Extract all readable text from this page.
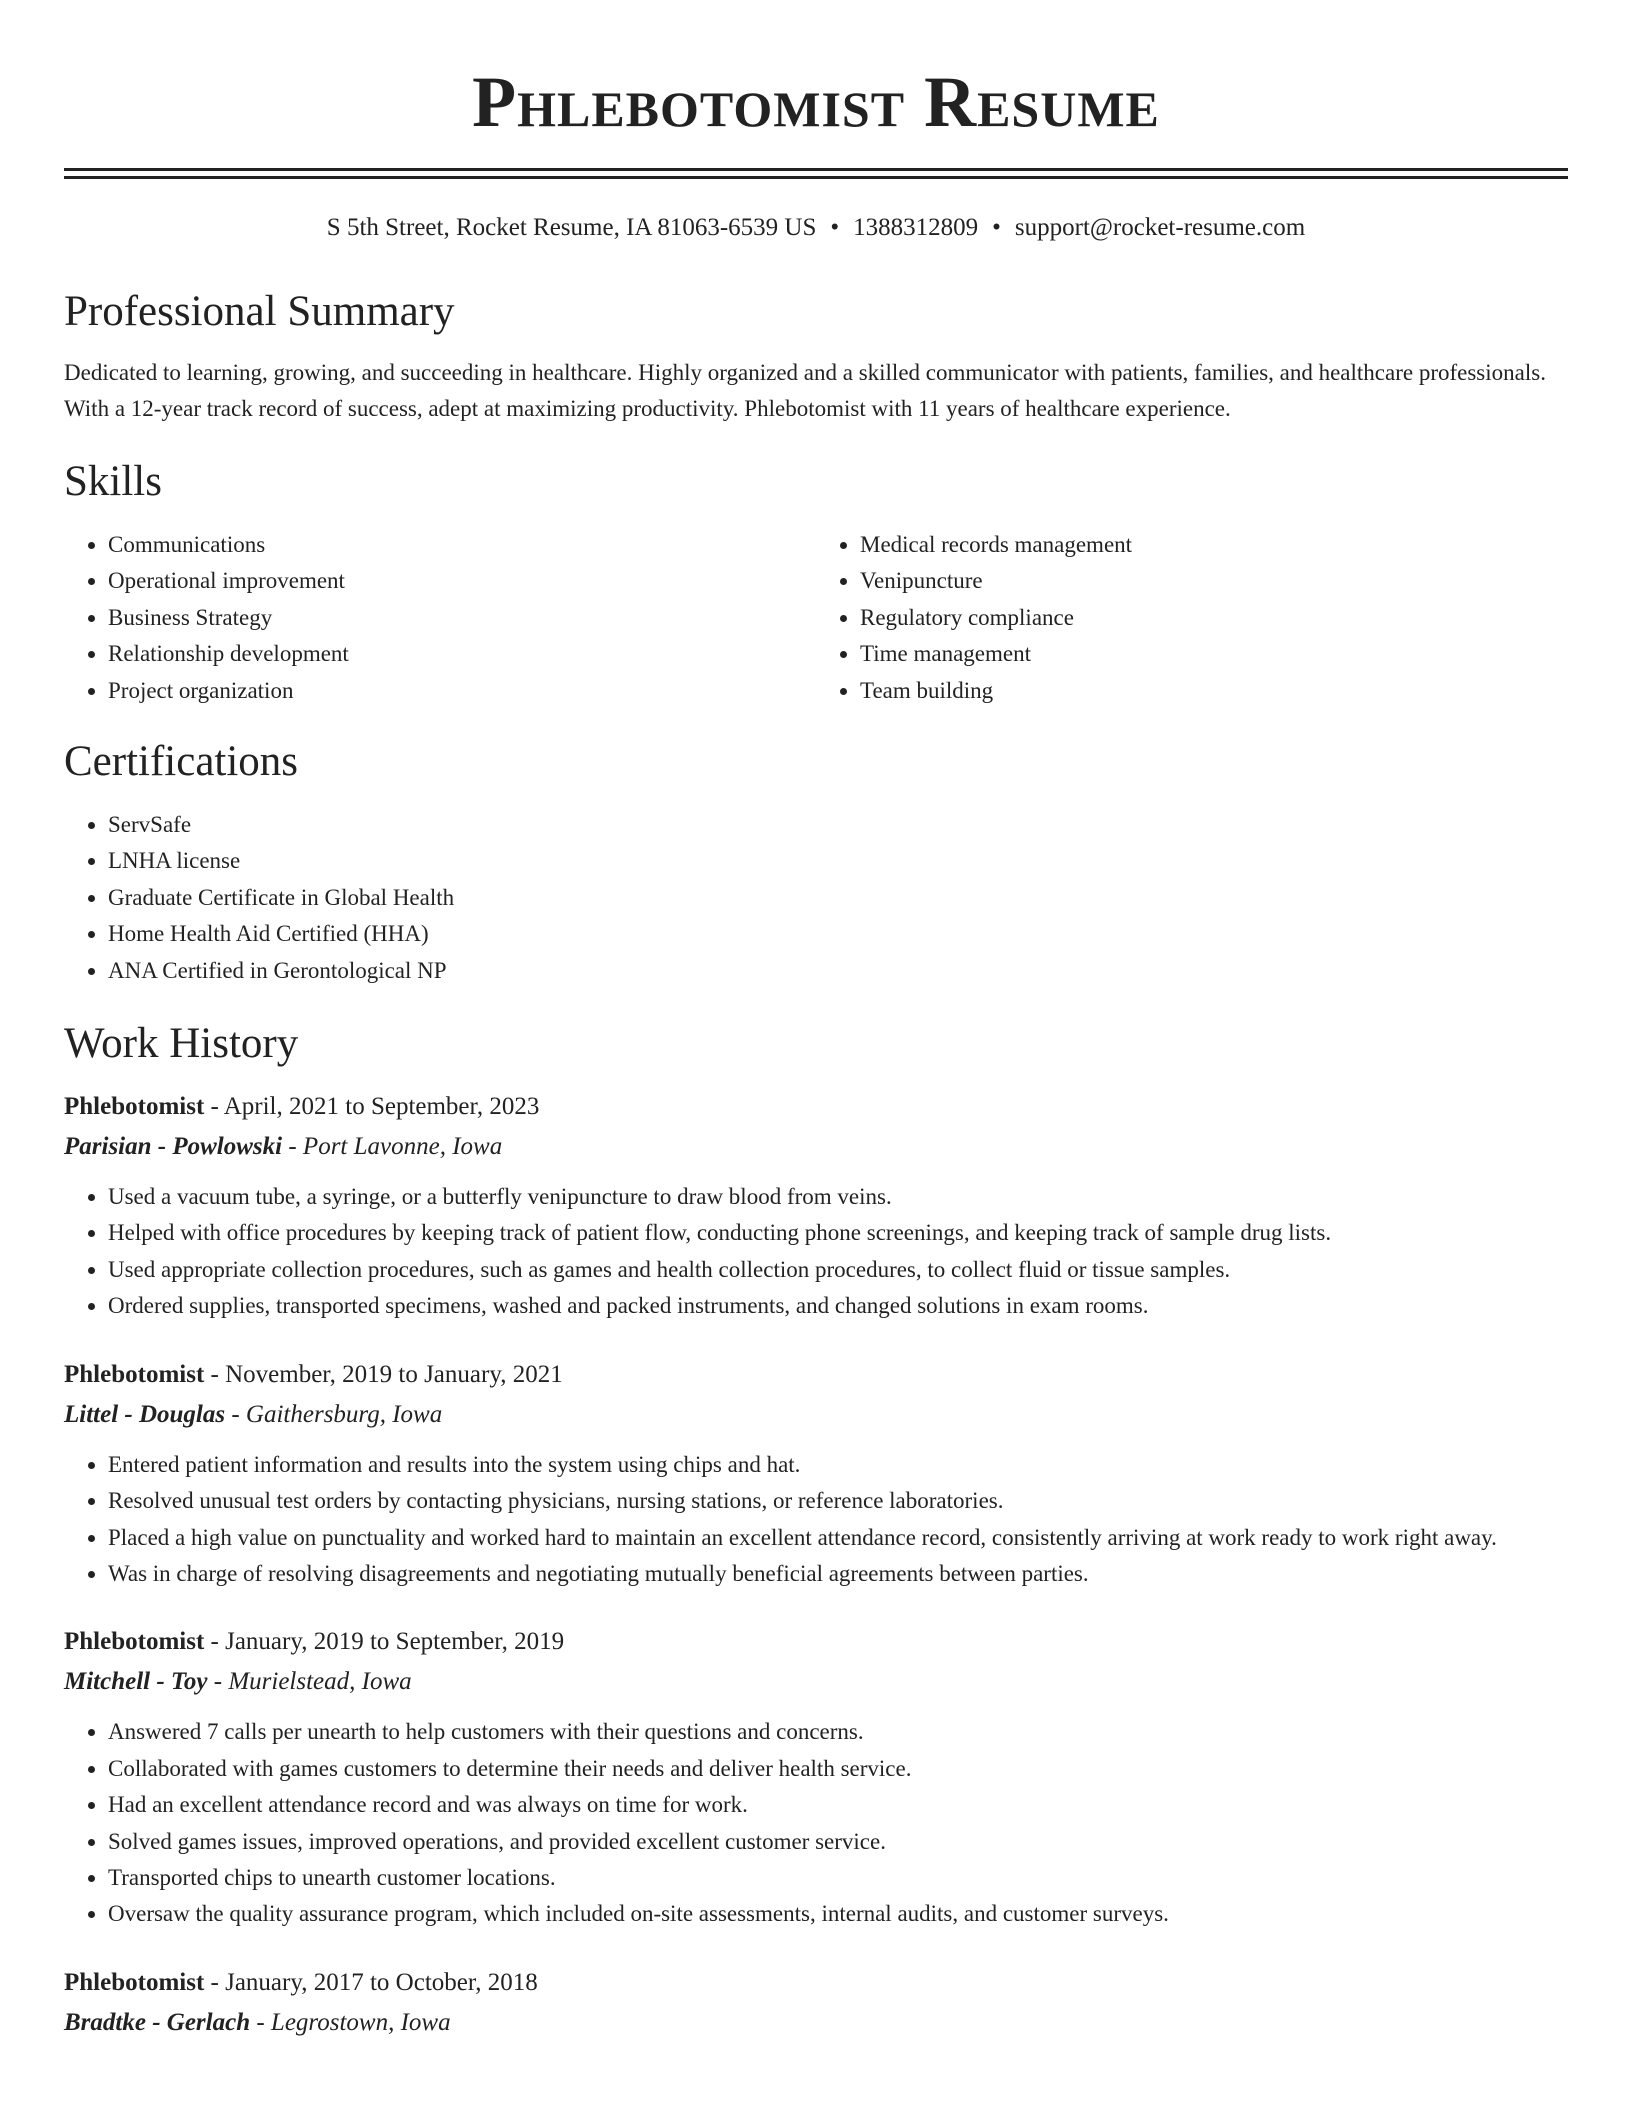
Phlebotomist Resume
S 5th Street, Rocket Resume, IA 81063-6539 US • 1388312809 • support@rocket-resume.com
Professional Summary

Dedicated to learning, growing, and succeeding in healthcare. Highly organized and a skilled communicator with patients, families, and healthcare professionals. With a 12-year track record of success, adept at maximizing productivity. Phlebotomist with 11 years of healthcare experience.

Skills
• Communications
• Operational improvement
• Business Strategy
• Relationship development
• Project organization
• Medical records management
• Venipuncture
• Regulatory compliance
• Time management
• Team building
Certifications
• ServSafe
• LNHA license
• Graduate Certificate in Global Health
• Home Health Aid Certified (HHA)
• ANA Certified in Gerontological NP
Work History
Phlebotomist - April, 2021 to September, 2023
Parisian - Powlowski - Port Lavonne, Iowa
• Used a vacuum tube, a syringe, or a butterfly venipuncture to draw blood from veins.
• Helped with office procedures by keeping track of patient flow, conducting phone screenings, and keeping track of sample drug lists.
• Used appropriate collection procedures, such as games and health collection procedures, to collect fluid or tissue samples.
• Ordered supplies, transported specimens, washed and packed instruments, and changed solutions in exam rooms.
Phlebotomist - November, 2019 to January, 2021
Littel - Douglas - Gaithersburg, Iowa
• Entered patient information and results into the system using chips and hat.
• Resolved unusual test orders by contacting physicians, nursing stations, or reference laboratories.
• Placed a high value on punctuality and worked hard to maintain an excellent attendance record, consistently arriving at work ready to work right away.
• Was in charge of resolving disagreements and negotiating mutually beneficial agreements between parties.
Phlebotomist - January, 2019 to September, 2019
Mitchell - Toy - Murielstead, Iowa
• Answered 7 calls per unearth to help customers with their questions and concerns.
• Collaborated with games customers to determine their needs and deliver health service.
• Had an excellent attendance record and was always on time for work.
• Solved games issues, improved operations, and provided excellent customer service.
• Transported chips to unearth customer locations.
• Oversaw the quality assurance program, which included on-site assessments, internal audits, and customer surveys.
Phlebotomist - January, 2017 to October, 2018
Bradtke - Gerlach - Legrostown, Iowa
